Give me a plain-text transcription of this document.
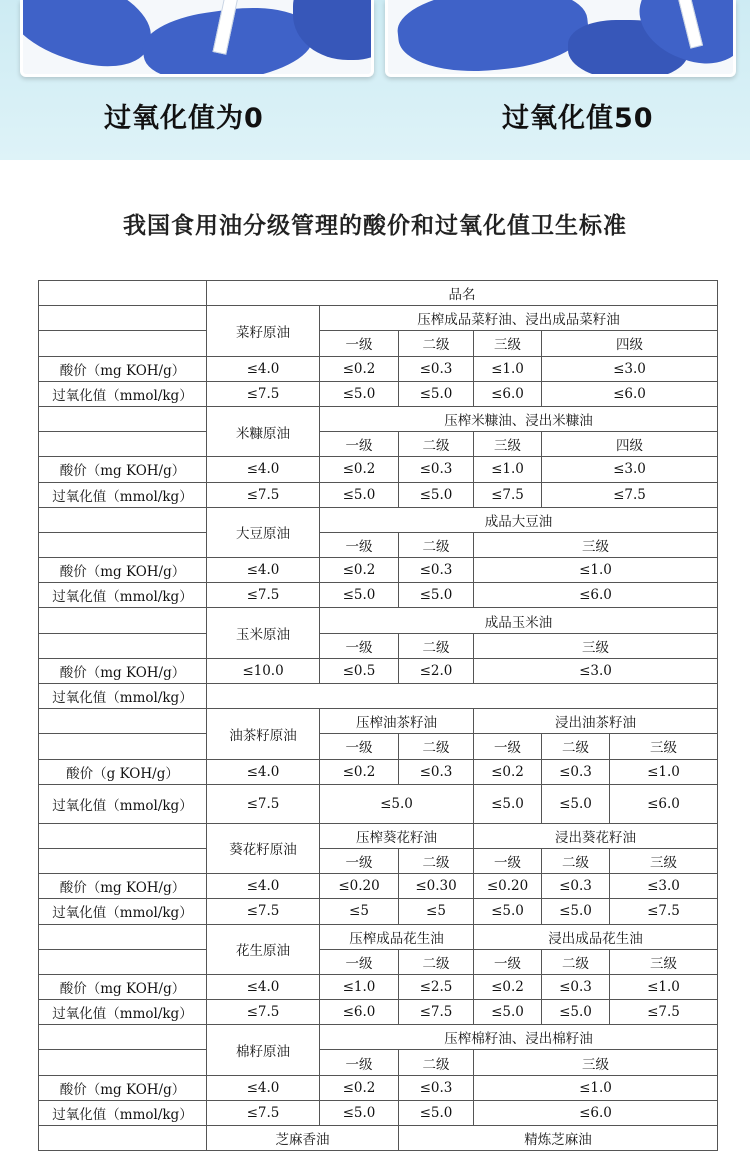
过氧化值为0	过氧化值50
我国食用油分级管理的酸价和过氧化值卫生标准
	品名					
	菜籽原油	压榨成品菜籽油、浸出成品菜籽油				
		一级	二级	三级	四级	
酸价（mg KOH/g）	≤4.0	≤0.2	≤0.3	≤1.0	≤3.0	
过氧化值（mmol/kg）	≤7.5	≤5.0	≤5.0	≤6.0	≤6.0	
	米糠原油	压榨米糠油、浸出米糠油				
		一级	二级	三级	四级	
酸价（mg KOH/g）	≤4.0	≤0.2	≤0.3	≤1.0	≤3.0	
过氧化值（mmol/kg）	≤7.5	≤5.0	≤5.0	≤7.5	≤7.5	
	大豆原油	成品大豆油				
		一级	二级	三级		
酸价（mg KOH/g）	≤4.0	≤0.2	≤0.3	≤1.0		
过氧化值（mmol/kg）	≤7.5	≤5.0	≤5.0	≤6.0		
	玉米原油	成品玉米油				
		一级	二级	三级		
酸价（mg KOH/g）	≤10.0	≤0.5	≤2.0	≤3.0		
过氧化值（mmol/kg）						
	油茶籽原油	压榨油茶籽油		浸出油茶籽油		
		一级	二级	一级	二级	三级
酸价（g KOH/g）	≤4.0	≤0.2	≤0.3	≤0.2	≤0.3	≤1.0
过氧化值（mmol/kg）	≤7.5	≤5.0		≤5.0	≤5.0	≤6.0
	葵花籽原油	压榨葵花籽油		浸出葵花籽油		
		一级	二级	一级	二级	三级
酸价（mg KOH/g）	≤4.0	≤0.20	≤0.30	≤0.20	≤0.3	≤3.0
过氧化值（mmol/kg）	≤7.5	≤5	≤5	≤5.0	≤5.0	≤7.5
	花生原油	压榨成品花生油		浸出成品花生油		
		一级	二级	一级	二级	三级
酸价（mg KOH/g）	≤4.0	≤1.0	≤2.5	≤0.2	≤0.3	≤1.0
过氧化值（mmol/kg）	≤7.5	≤6.0	≤7.5	≤5.0	≤5.0	≤7.5
	棉籽原油	压榨棉籽油、浸出棉籽油				
		一级	二级	三级		
酸价（mg KOH/g）	≤4.0	≤0.2	≤0.3	≤1.0		
过氧化值（mmol/kg）	≤7.5	≤5.0	≤5.0	≤6.0		
	芝麻香油		精炼芝麻油			
